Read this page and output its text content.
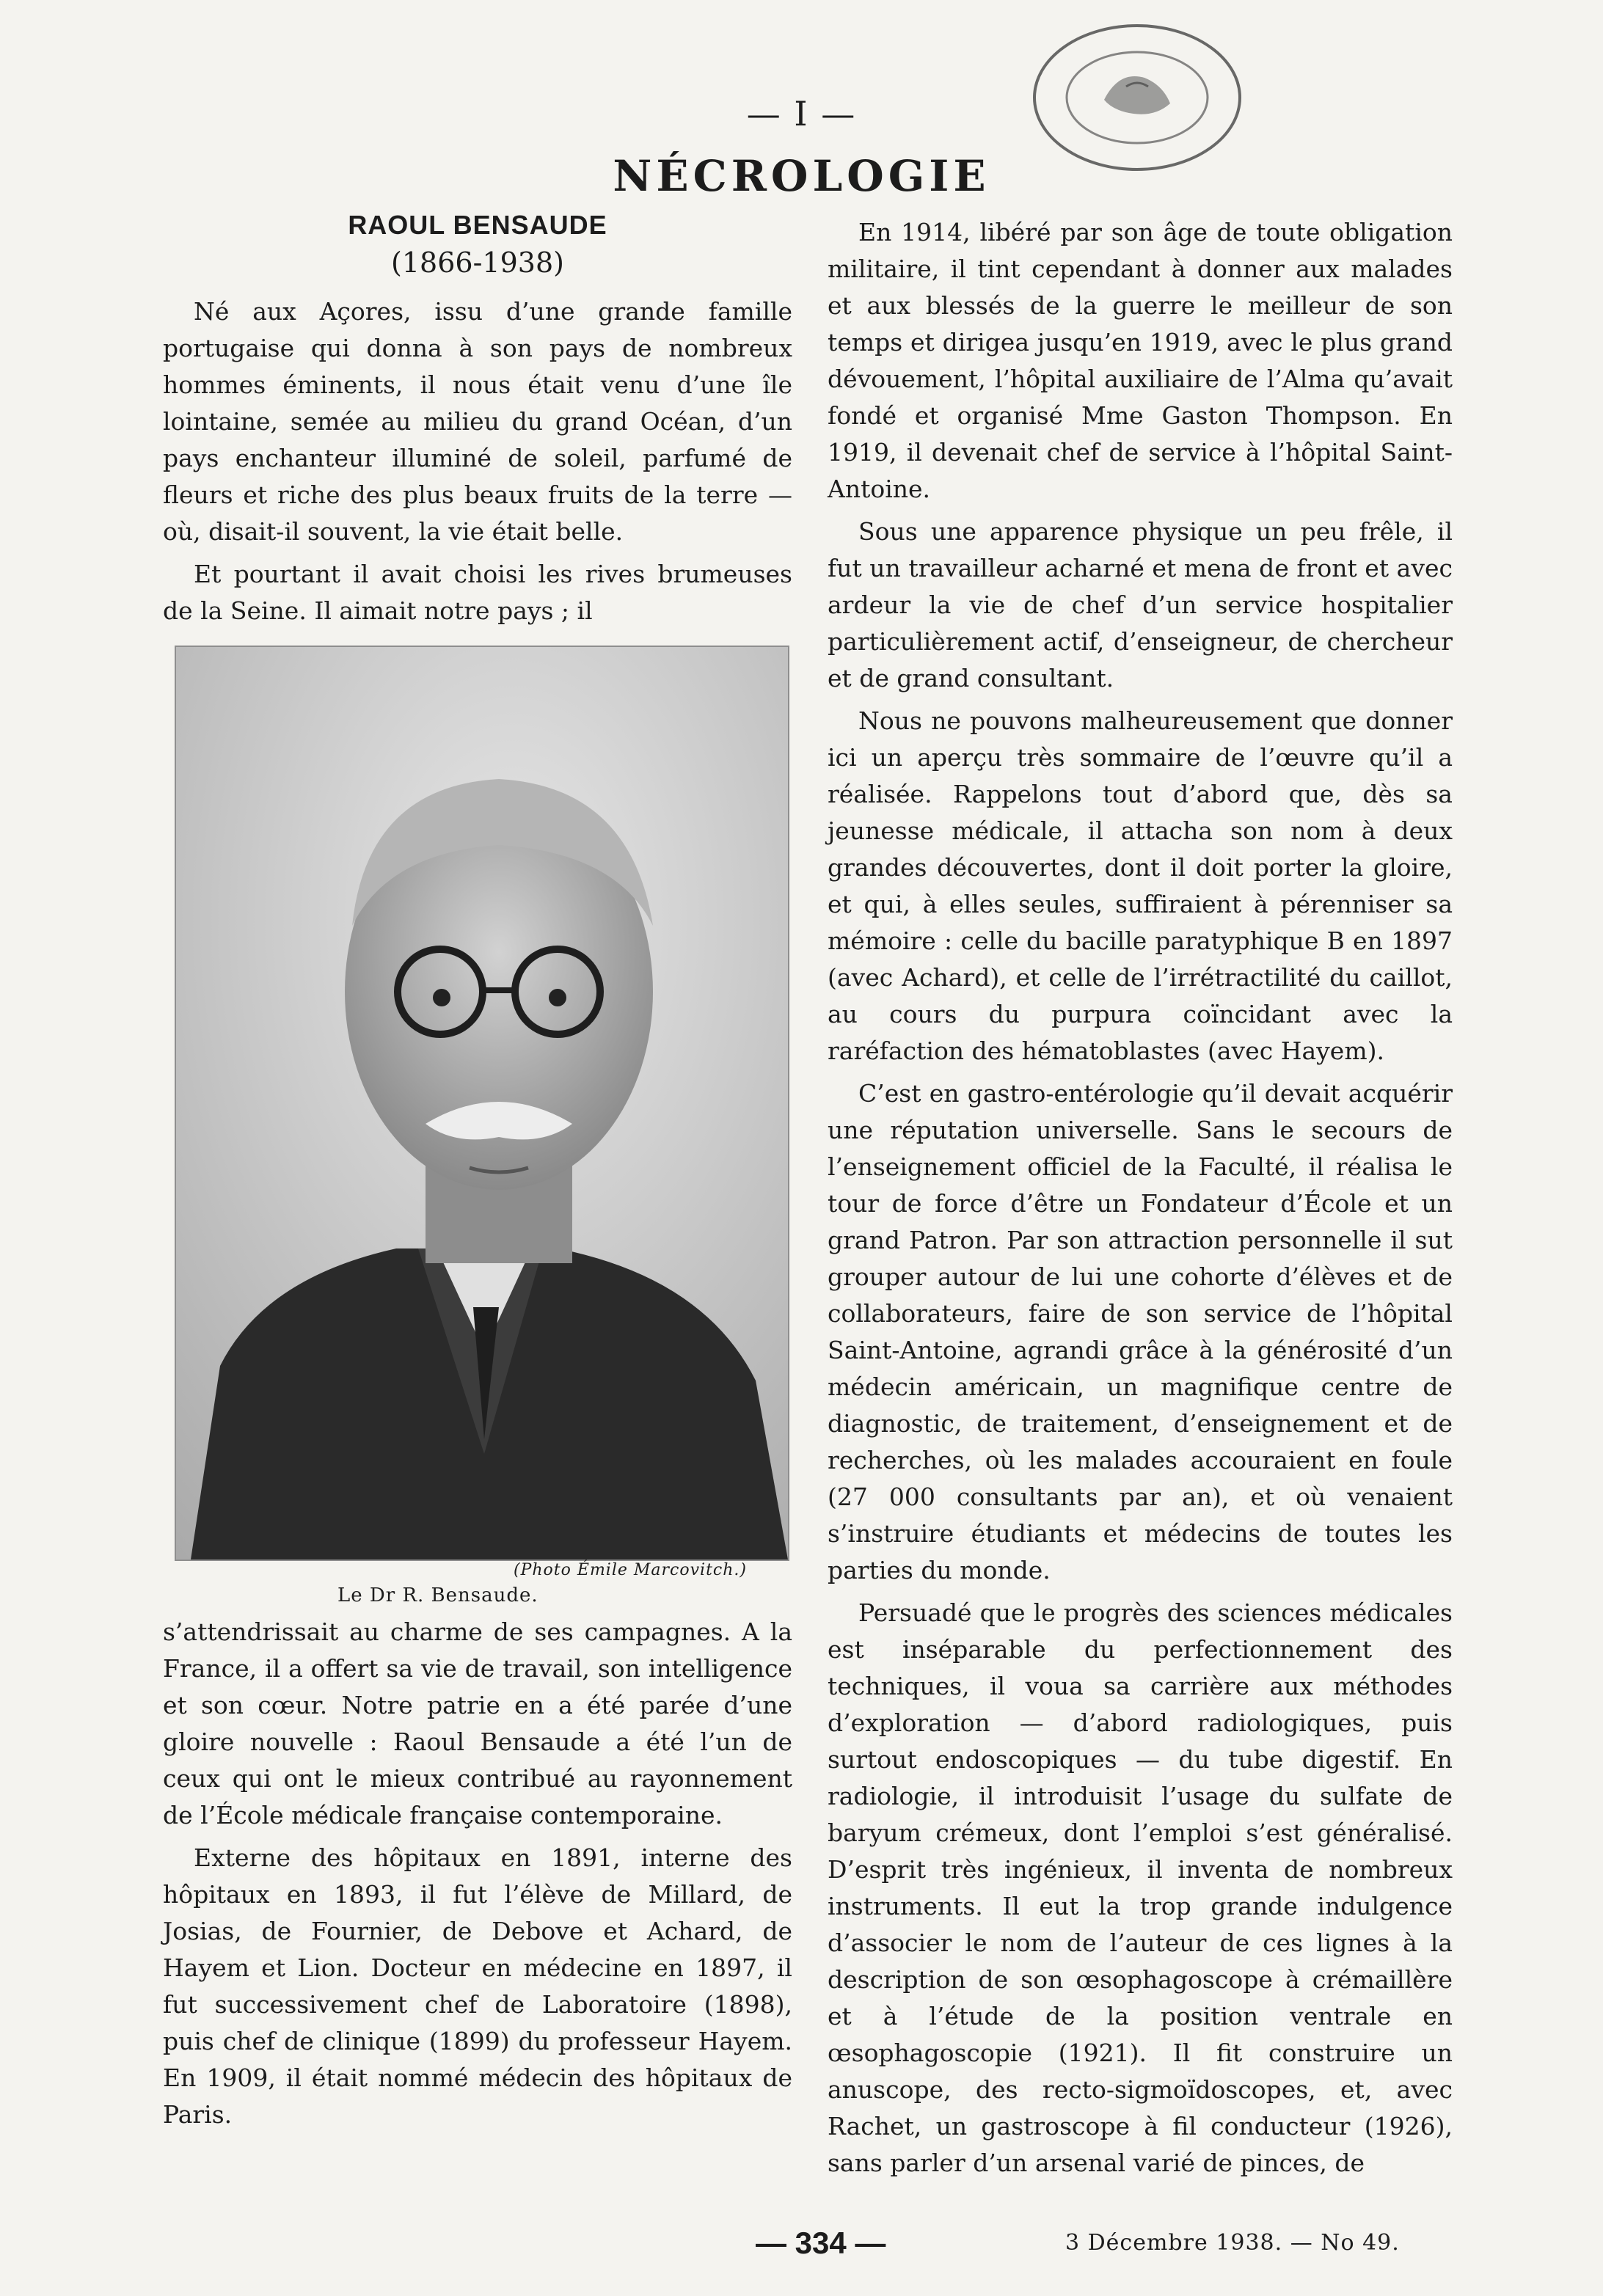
— I —
NÉCROLOGIE
RAOUL BENSAUDE
(1866-1938)

Né aux Açores, issu d’une grande famille portugaise qui donna à son pays de nombreux hommes éminents, il nous était venu d’une île lointaine, semée au milieu du grand Océan, d’un pays enchanteur illuminé de soleil, parfumé de fleurs et riche des plus beaux fruits de la terre — où, disait-il souvent, la vie était belle.

Et pourtant il avait choisi les rives brumeuses de la Seine. Il aimait notre pays ; il

(Photo Émile Marcovitch.)
Le Dr R. Bensaude.

s’attendrissait au charme de ses campagnes. A la France, il a offert sa vie de travail, son intelligence et son cœur. Notre patrie en a été parée d’une gloire nouvelle : Raoul Bensaude a été l’un de ceux qui ont le mieux contribué au rayonnement de l’École médicale française contemporaine.

Externe des hôpitaux en 1891, interne des hôpitaux en 1893, il fut l’élève de Millard, de Josias, de Fournier, de Debove et Achard, de Hayem et Lion. Docteur en médecine en 1897, il fut successivement chef de Laboratoire (1898), puis chef de clinique (1899) du professeur Hayem. En 1909, il était nommé médecin des hôpitaux de Paris.

En 1914, libéré par son âge de toute obligation militaire, il tint cependant à donner aux malades et aux blessés de la guerre le meilleur de son temps et dirigea jusqu’en 1919, avec le plus grand dévouement, l’hôpital auxiliaire de l’Alma qu’avait fondé et organisé Mme Gaston Thompson. En 1919, il devenait chef de service à l’hôpital Saint-Antoine.

Sous une apparence physique un peu frêle, il fut un travailleur acharné et mena de front et avec ardeur la vie de chef d’un service hospitalier particulièrement actif, d’enseigneur, de chercheur et de grand consultant.

Nous ne pouvons malheureusement que donner ici un aperçu très sommaire de l’œuvre qu’il a réalisée. Rappelons tout d’abord que, dès sa jeunesse médicale, il attacha son nom à deux grandes découvertes, dont il doit porter la gloire, et qui, à elles seules, suffiraient à pérenniser sa mémoire : celle du bacille paratyphique B en 1897 (avec Achard), et celle de l’irrétractilité du caillot, au cours du purpura coïncidant avec la raréfaction des hématoblastes (avec Hayem).

C’est en gastro-entérologie qu’il devait acquérir une réputation universelle. Sans le secours de l’enseignement officiel de la Faculté, il réalisa le tour de force d’être un Fondateur d’École et un grand Patron. Par son attraction personnelle il sut grouper autour de lui une cohorte d’élèves et de collaborateurs, faire de son service de l’hôpital Saint-Antoine, agrandi grâce à la générosité d’un médecin américain, un magnifique centre de diagnostic, de traitement, d’enseignement et de recherches, où les malades accouraient en foule (27 000 consultants par an), et où venaient s’instruire étudiants et médecins de toutes les parties du monde.

Persuadé que le progrès des sciences médicales est inséparable du perfectionnement des techniques, il voua sa carrière aux méthodes d’exploration — d’abord radiologiques, puis surtout endoscopiques — du tube digestif. En radiologie, il introduisit l’usage du sulfate de baryum crémeux, dont l’emploi s’est généralisé. D’esprit très ingénieux, il inventa de nombreux instruments. Il eut la trop grande indulgence d’associer le nom de l’auteur de ces lignes à la description de son œsophagoscope à crémaillère et à l’étude de la position ventrale en œsophagoscopie (1921). Il fit construire un anuscope, des recto-sigmoïdoscopes, et, avec Rachet, un gastroscope à fil conducteur (1926), sans parler d’un arsenal varié de pinces, de

— 334 —	3 Décembre 1938. — No 49.
